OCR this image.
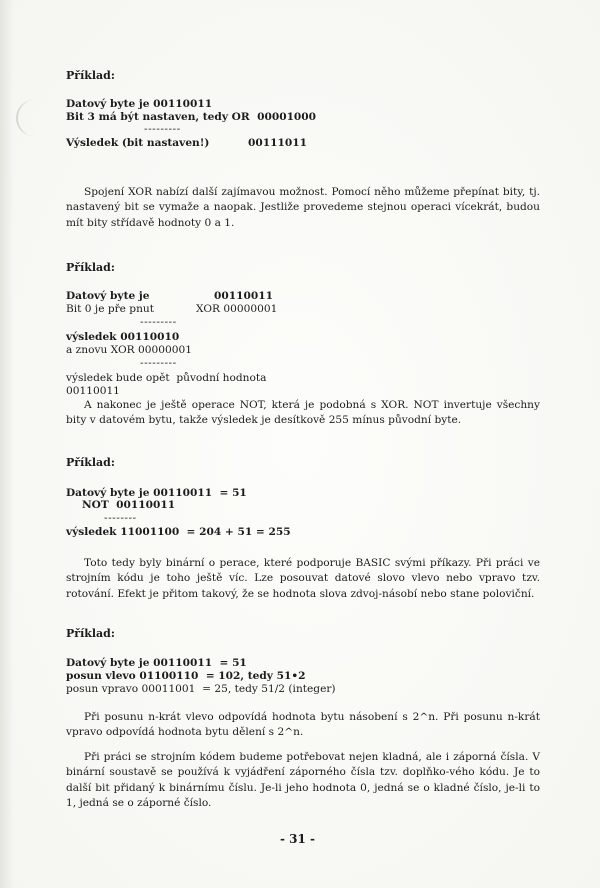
Příklad:
Datový byte je 00110011
Bit 3 má být nastaven, tedy OR  00001000
---------
Výsledek (bit nastaven!)	00111011
Spojení XOR nabízí další zajímavou možnost. Pomocí něho můžeme přepínat bity, tj. nastavený bit se vymaže a naopak. Jestliže provedeme stejnou operaci vícekrát, budou mít bity střídavě hodnoty 0 a 1.
Příklad:
Datový byte je	00110011
Bit 0 je pře pnut	XOR 00000001
---------
výsledek 00110010
a znovu XOR 00000001
---------
výsledek bude opět  původní hodnota
00110011
A nakonec je ještě operace NOT, která je podobná s XOR. NOT invertuje všechny bity v datovém bytu, takže výsledek je desítkově 255 mínus původní byte.
Příklad:
Datový byte je 00110011  = 51
NOT  00110011
--------
výsledek 11001100  = 204 + 51 = 255
Toto tedy byly binární o perace, které podporuje BASIC svými příkazy. Při práci ve strojním kódu je toho ještě víc. Lze posouvat datové slovo vlevo nebo vpravo tzv. rotování. Efekt je přitom takový, že se hodnota slova zdvoj-násobí nebo stane poloviční.
Příklad:
Datový byte je 00110011  = 51
posun vlevo 01100110  = 102, tedy 51•2
posun vpravo 00011001  = 25, tedy 51/2 (integer)
Při posunu n-krát vlevo odpovídá hodnota bytu násobení s 2^n. Při posunu n-krát vpravo odpovídá hodnota bytu dělení s 2^n.
Při práci se strojním kódem budeme potřebovat nejen kladná, ale i záporná čísla. V binární soustavě se používá k vyjádření záporného čísla tzv. doplňko-vého kódu. Je to další bit přidaný k binárnímu číslu. Je-li jeho hodnota 0, jedná se o kladné číslo, je-li to 1, jedná se o záporné číslo.
- 31 -
